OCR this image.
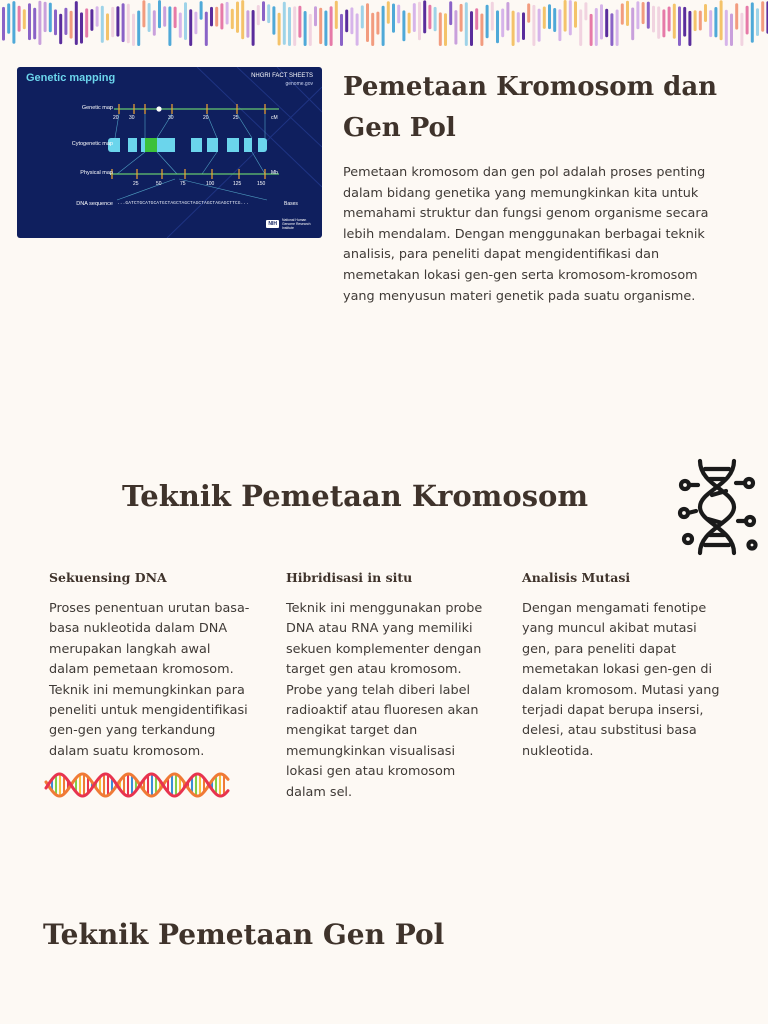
Genetic mapping	NHGRI FACT SHEETS
genome.gov
Genetic map
Cytogenetic map
Physical map
DNA sequence
20 30	30	20	25	cM
25	50	75	100	125	150
Mb
...GATCTGCATGCATGCTAGCTAGCTAGCTAGCTAGAGCTTCG...	Bases
NIH
National Human Genome Research Institute
Pemetaan Kromosom dan Gen Pol

Pemetaan kromosom dan gen pol adalah proses penting dalam bidang genetika yang memungkinkan kita untuk memahami struktur dan fungsi genom organisme secara lebih mendalam. Dengan menggunakan berbagai teknik analisis, para peneliti dapat mengidentifikasi dan memetakan lokasi gen-gen serta kromosom-kromosom yang menyusun materi genetik pada suatu organisme.

Teknik Pemetaan Kromosom
Sekuensing DNA

Proses penentuan urutan basa-basa nukleotida dalam DNA merupakan langkah awal dalam pemetaan kromosom. Teknik ini memungkinkan para peneliti untuk mengidentifikasi gen-gen yang terkandung dalam suatu kromosom.

Hibridisasi in situ

Teknik ini menggunakan probe DNA atau RNA yang memiliki sekuen komplementer dengan target gen atau kromosom. Probe yang telah diberi label radioaktif atau fluoresen akan mengikat target dan memungkinkan visualisasi lokasi gen atau kromosom dalam sel.

Analisis Mutasi

Dengan mengamati fenotipe yang muncul akibat mutasi gen, para peneliti dapat memetakan lokasi gen-gen di dalam kromosom. Mutasi yang terjadi dapat berupa insersi, delesi, atau substitusi basa nukleotida.

Teknik Pemetaan Gen Pol
